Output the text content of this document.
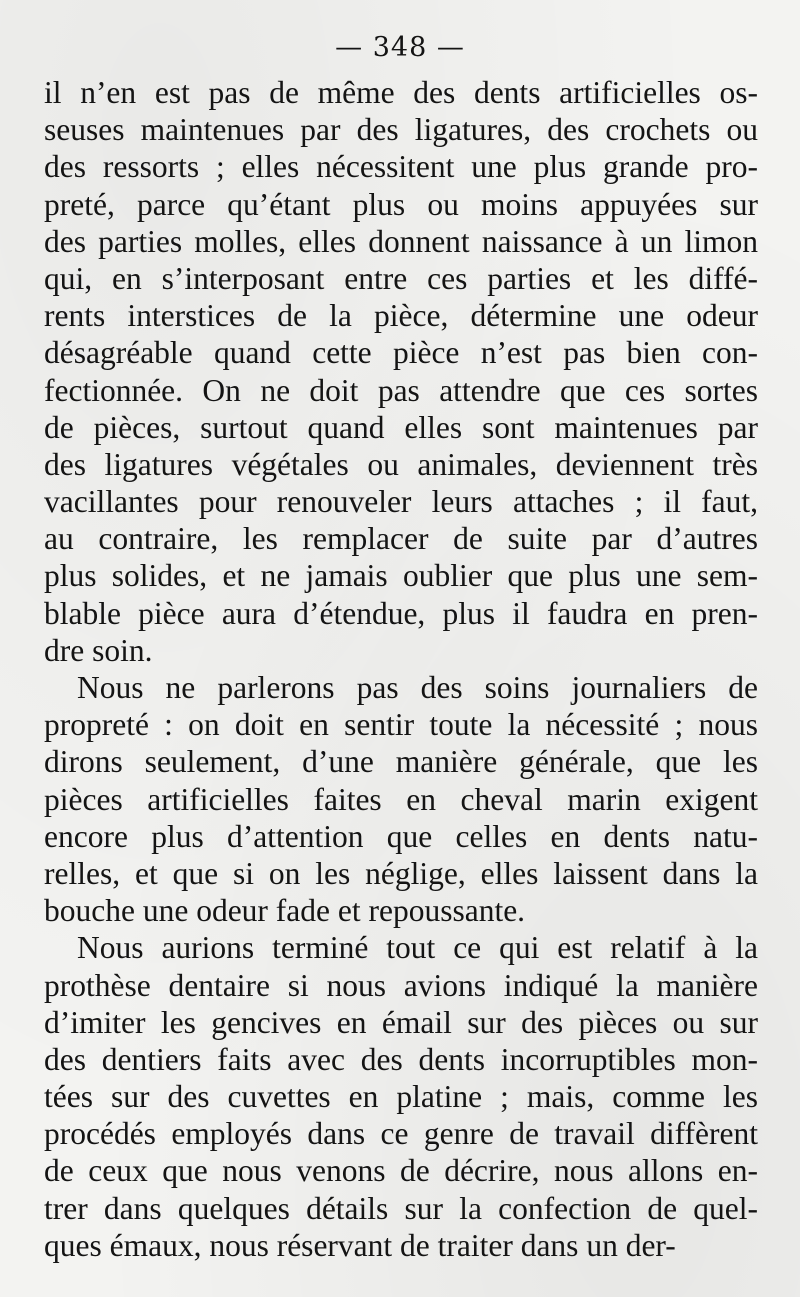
— 348 —
il n’en est pas de même des dents artificielles os-
seuses maintenues par des ligatures, des crochets ou
des ressorts ; elles nécessitent une plus grande pro-
preté, parce qu’étant plus ou moins appuyées sur
des parties molles, elles donnent naissance à un limon
qui, en s’interposant entre ces parties et les diffé-
rents interstices de la pièce, détermine une odeur
désagréable quand cette pièce n’est pas bien con-
fectionnée. On ne doit pas attendre que ces sortes
de pièces, surtout quand elles sont maintenues par
des ligatures végétales ou animales, deviennent très
vacillantes pour renouveler leurs attaches ; il faut,
au contraire, les remplacer de suite par d’autres
plus solides, et ne jamais oublier que plus une sem-
blable pièce aura d’étendue, plus il faudra en pren-
dre soin.
Nous ne parlerons pas des soins journaliers de
propreté : on doit en sentir toute la nécessité ; nous
dirons seulement, d’une manière générale, que les
pièces artificielles faites en cheval marin exigent
encore plus d’attention que celles en dents natu-
relles, et que si on les néglige, elles laissent dans la
bouche une odeur fade et repoussante.
Nous aurions terminé tout ce qui est relatif à la
prothèse dentaire si nous avions indiqué la manière
d’imiter les gencives en émail sur des pièces ou sur
des dentiers faits avec des dents incorruptibles mon-
tées sur des cuvettes en platine ; mais, comme les
procédés employés dans ce genre de travail diffèrent
de ceux que nous venons de décrire, nous allons en-
trer dans quelques détails sur la confection de quel-
ques émaux, nous réservant de traiter dans un der-
